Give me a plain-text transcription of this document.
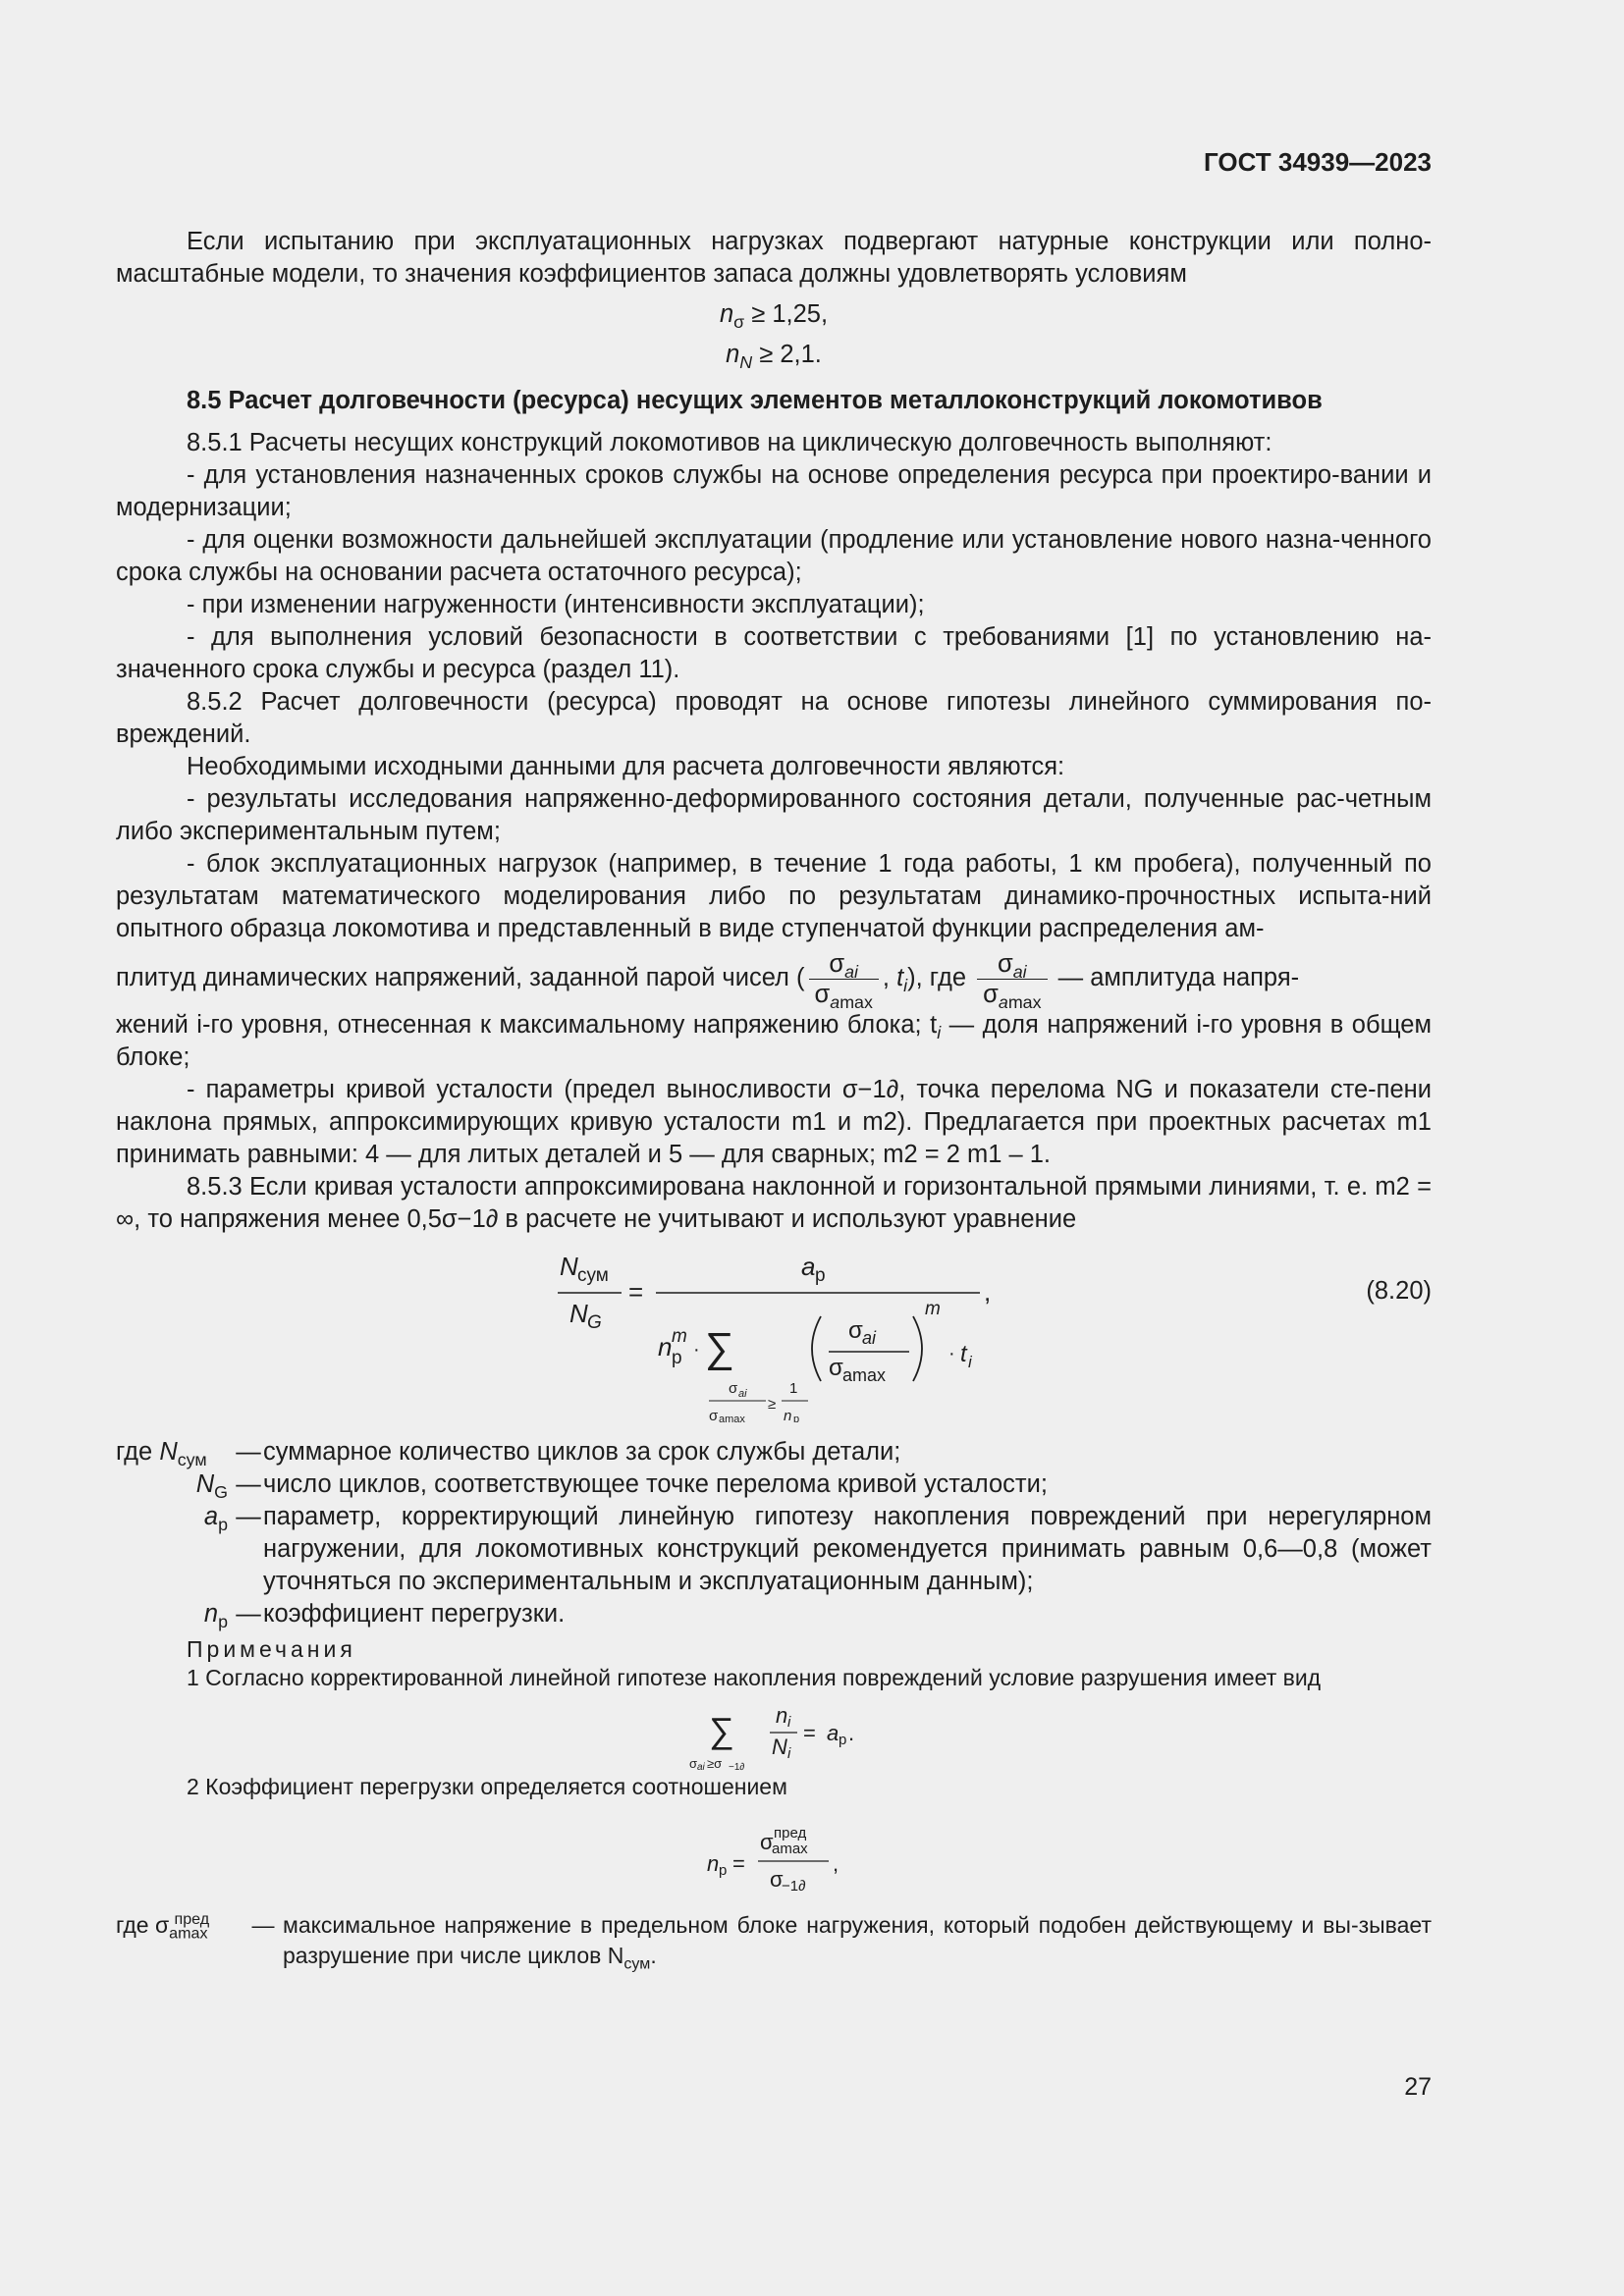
ГОСТ 34939—2023

Если испытанию при эксплуатационных нагрузках подвергают натурные конструкции или полно-масштабные модели, то значения коэффициентов запаса должны удовлетворять условиям

$n_\sigma \ge 1,25$,
$n_N \ge 2,1$.

8.5 Расчет долговечности (ресурса) несущих элементов металлоконструкций локомотивов

8.5.1 Расчеты несущих конструкций локомотивов на циклическую долговечность выполняют:

- для установления назначенных сроков службы на основе определения ресурса при проектиро-вании и модернизации;

- для оценки возможности дальнейшей эксплуатации (продление или установление нового назна-ченного срока службы на основании расчета остаточного ресурса);

- при изменении нагруженности (интенсивности эксплуатации);

- для выполнения условий безопасности в соответствии с требованиями [1] по установлению на-значенного срока службы и ресурса (раздел 11).

8.5.2 Расчет долговечности (ресурса) проводят на основе гипотезы линейного суммирования по-вреждений.

Необходимыми исходными данными для расчета долговечности являются:

- результаты исследования напряженно-деформированного состояния детали, полученные рас-четным либо экспериментальным путем;

- блок эксплуатационных нагрузок (например, в течение 1 года работы, 1 км пробега), полученный по результатам математического моделирования либо по результатам динамико-прочностных испыта-ний опытного образца локомотива и представленный в виде ступенчатой функции распределения ам-

плитуд динамических напряжений, заданной парой чисел ( $\frac{\sigma_{ai}}{\sigma_{amax}}$ , $t_i$), где $\frac{\sigma_{ai}}{\sigma_{amax}}$ — амплитуда напря-

жений i-го уровня, отнесенная к максимальному напряжению блока; $t_i$ — доля напряжений i-го уровня в общем блоке;

- параметры кривой усталости (предел выносливости σ−1∂, точка перелома NG и показатели сте-пени наклона прямых, аппроксимирующих кривую усталости m1 и m2). Предлагается при проектных расчетах m1 принимать равными: 4 — для литых деталей и 5 — для сварных; m2 = 2 m1 – 1.

8.5.3 Если кривая усталости аппроксимирована наклонной и горизонтальной прямыми линиями, т. е. m2 = ∞, то напряжения менее 0,5σ−1∂ в расчете не учитывают и используют уравнение

N сум
N G
=
a p
,
n p
m
· ∑
σ ai
σ amax
≥
1
n p
σ ai
σ amax
m
· t i
(8.20)
где $N_{сум}$	— суммарное количество циклов за срок службы детали;
$N_G$ — число циклов, соответствующее точке перелома кривой усталости;
$a_p$ — параметр, корректирующий линейную гипотезу накопления повреждений при нерегулярном нагружении, для локомотивных конструкций рекомендуется принимать равным 0,6—0,8 (может уточняться по экспериментальным и эксплуатационным данным);
$n_p$ — коэффициент перегрузки.
Примечания
1 Согласно корректированной линейной гипотезе накопления повреждений условие разрушения имеет вид
∑
σ ai ≥σ −1∂
n i
N i
= a p .
2 Коэффициент перегрузки определяется соотношением
n p =
σ
amax
пред
σ
−1∂
,
где $\sigma_{amax}^{пред}$	— максимальное напряжение в предельном блоке нагружения, который подобен действующему и вы-зывает разрушение при числе циклов $N_{сум}$.
27
